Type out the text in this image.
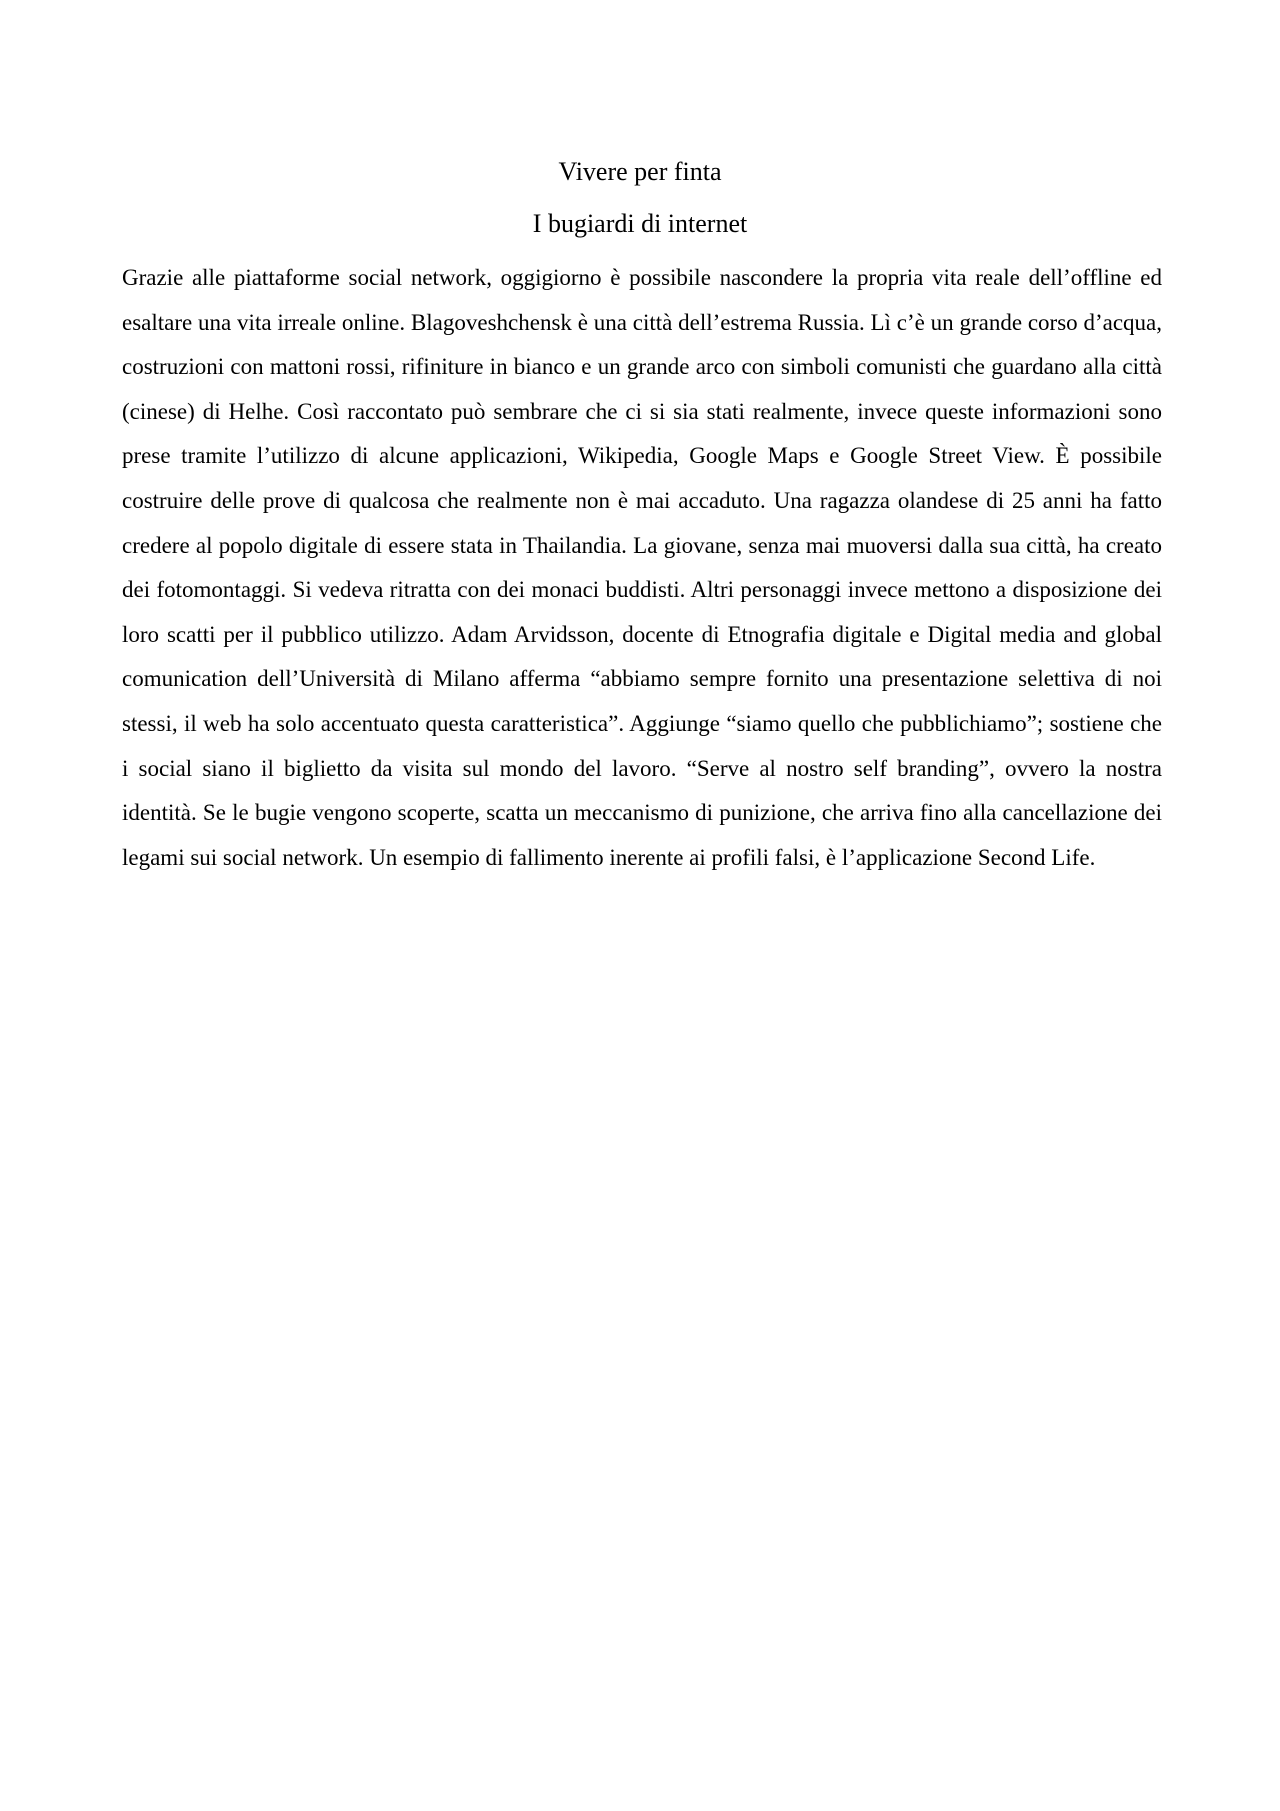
Vivere per finta
I bugiardi di internet

Grazie alle piattaforme social network, oggigiorno è possibile nascondere la propria vita reale dell’offline ed esaltare una vita irreale online. Blagoveshchensk è una città dell’estrema Russia. Lì c’è un grande corso d’acqua, costruzioni con mattoni rossi, rifiniture in bianco e un grande arco con simboli comunisti che guardano alla città (cinese) di Helhe. Così raccontato può sembrare che ci si sia stati realmente, invece queste informazioni sono prese tramite l’utilizzo di alcune applicazioni, Wikipedia, Google Maps e Google Street View. È possibile costruire delle prove di qualcosa che realmente non è mai accaduto. Una ragazza olandese di 25 anni ha fatto credere al popolo digitale di essere stata in Thailandia. La giovane, senza mai muoversi dalla sua città, ha creato dei fotomontaggi. Si vedeva ritratta con dei monaci buddisti. Altri personaggi invece mettono a disposizione dei loro scatti per il pubblico utilizzo. Adam Arvidsson, docente di Etnografia digitale e Digital media and global comunication dell’Università di Milano afferma “abbiamo sempre fornito una presentazione selettiva di noi stessi, il web ha solo accentuato questa caratteristica”. Aggiunge “siamo quello che pubblichiamo”; sostiene che i social siano il biglietto da visita sul mondo del lavoro. “Serve al nostro self branding”, ovvero la nostra identità. Se le bugie vengono scoperte, scatta un meccanismo di punizione, che arriva fino alla cancellazione dei legami sui social network. Un esempio di fallimento inerente ai profili falsi, è l’applicazione Second Life.
